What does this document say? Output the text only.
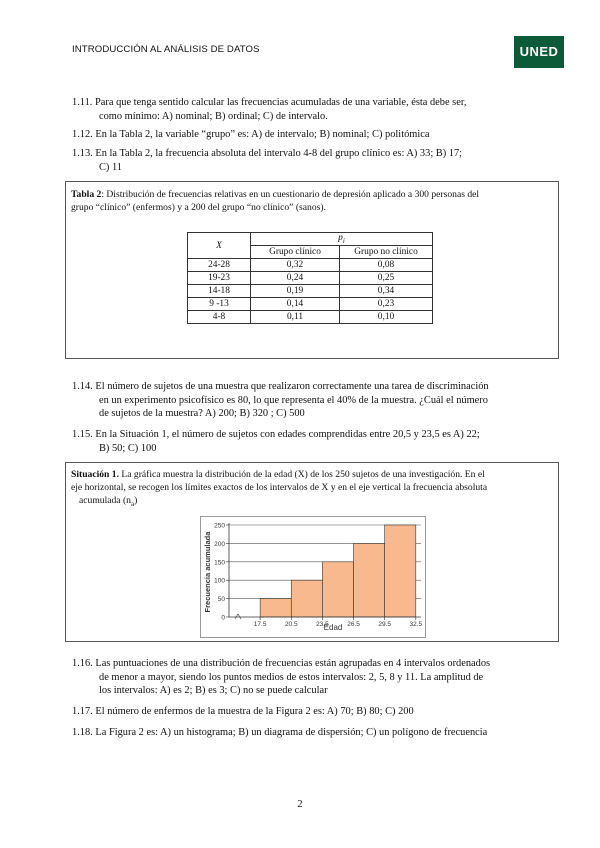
INTRODUCCIÓN AL ANÁLISIS DE DATOS	UNED
1.11. Para que tenga sentido calcular las frecuencias acumuladas de una variable, ésta debe ser,
como mínimo: A) nominal; B) ordinal; C) de intervalo.
1.12. En la Tabla 2, la variable “grupo” es: A) de intervalo; B) nominal; C) politómica
1.13. En la Tabla 2, la frecuencia absoluta del intervalo 4-8 del grupo clínico es: A) 33; B) 17;
C) 11
Tabla 2: Distribución de frecuencias relativas en un cuestionario de depresión aplicado a 300 personas del
grupo “clínico” (enfermos) y a 200 del grupo “no clínico” (sanos).
X	$p_i$
	Grupo clínico	Grupo no clínico
24-28	0,32	0,08
19-23	0,24	0,25
14-18	0,19	0,34
9 -13	0,14	0,23
4-8	0,11	0,10
1.14. El número de sujetos de una muestra que realizaron correctamente una tarea de discriminación
en un experimento psicofísico es 80, lo que representa el 40% de la muestra. ¿Cuál el número
de sujetos de la muestra? A) 200; B) 320 ; C) 500
1.15. En la Situación 1, el número de sujetos con edades comprendidas entre 20,5 y 23,5 es A) 22;
B) 50; C) 100
Situación 1. La gráfica muestra la distribución de la edad (X) de los 250 sujetos de una investigación. En el
eje horizontal, se recogen los límites exactos de los intervalos de X y en el eje vertical la frecuencia absoluta
acumulada $(n_a)$
0
50
100
150
200
250
17.5	20.5	23.5	26.5	29.5	32.5
Frecuencia acumulada
Edad
1.16. Las puntuaciones de una distribución de frecuencias están agrupadas en 4 intervalos ordenados
de menor a mayor, siendo los puntos medios de estos intervalos: 2, 5, 8 y 11. La amplitud de
los intervalos: A) es 2; B) es 3; C) no se puede calcular
1.17. El número de enfermos de la muestra de la Figura 2 es: A) 70; B) 80; C) 200
1.18. La Figura 2 es: A) un histograma; B) un diagrama de dispersión; C) un polígono de frecuencia
2
